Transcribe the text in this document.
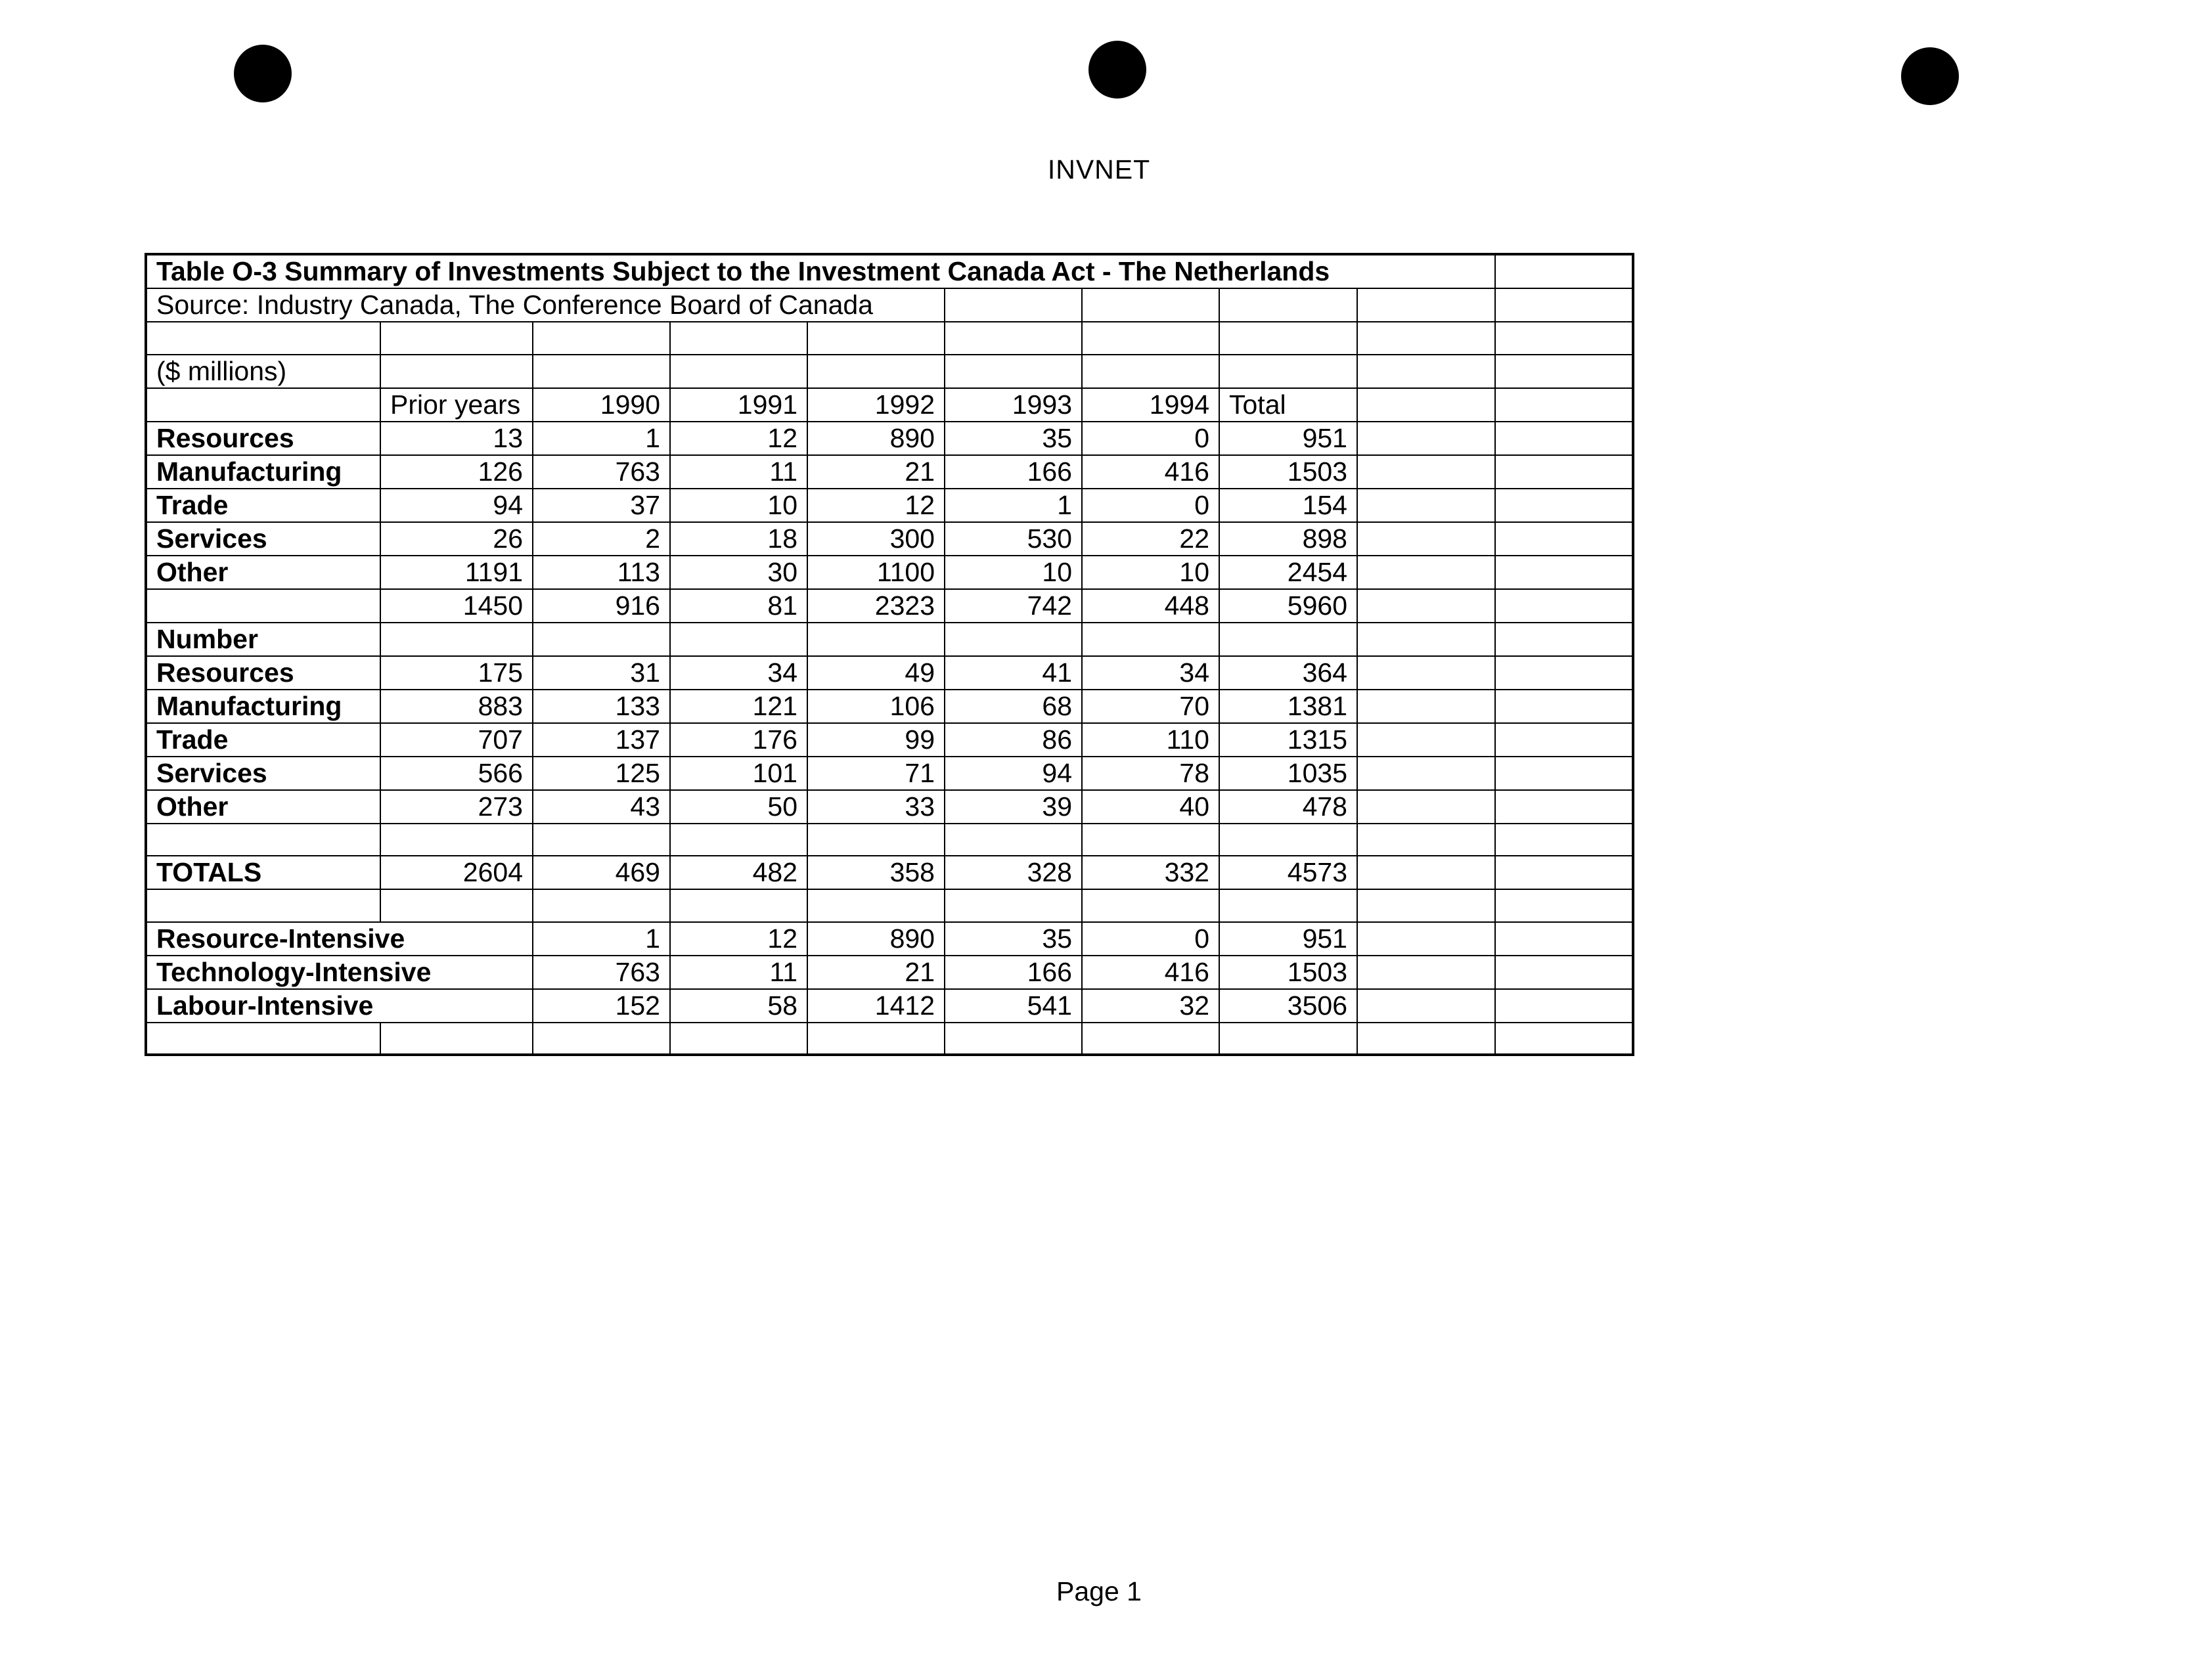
INVNET
Table O-3 Summary of Investments Subject to the Investment Canada Act - The Netherlands									
Source: Industry Canada, The Conference Board of Canada									

($ millions)									
	Prior years	1990	1991	1992	1993	1994	Total		
Resources	13	1	12	890	35	0	951		
Manufacturing	126	763	11	21	166	416	1503		
Trade	94	37	10	12	1	0	154		
Services	26	2	18	300	530	22	898		
Other	1191	113	30	1100	10	10	2454		
	1450	916	81	2323	742	448	5960		
Number									
Resources	175	31	34	49	41	34	364		
Manufacturing	883	133	121	106	68	70	1381		
Trade	707	137	176	99	86	110	1315		
Services	566	125	101	71	94	78	1035		
Other	273	43	50	33	39	40	478		

TOTALS	2604	469	482	358	328	332	4573		

Resource-Intensive		1	12	890	35	0	951		
Technology-Intensive		763	11	21	166	416	1503		
Labour-Intensive		152	58	1412	541	32	3506		

Page 1
